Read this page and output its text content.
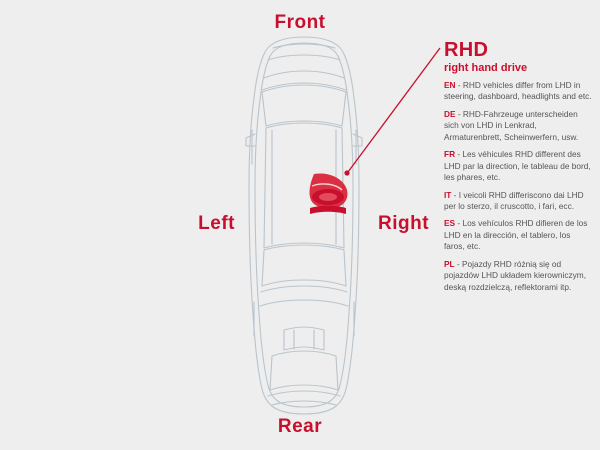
Front
Rear
Left	Right
RHD
right hand drive
EN - RHD vehicles differ from LHD in steering, dashboard, headlights and etc.
DE - RHD-Fahrzeuge unterscheiden sich von LHD in Lenkrad, Armaturenbrett, Scheinwerfern, usw.
FR - Les véhicules RHD different des LHD par la direction, le tableau de bord, les phares, etc.
IT - I veicoli RHD differiscono dai LHD per lo sterzo, il cruscotto, i fari, ecc.
ES - Los vehículos RHD difieren de los LHD en la dirección, el tablero, los faros, etc.
PL - Pojazdy RHD różnią się od pojazdów LHD układem kierowniczym, deską rozdzielczą, reflektorami itp.
